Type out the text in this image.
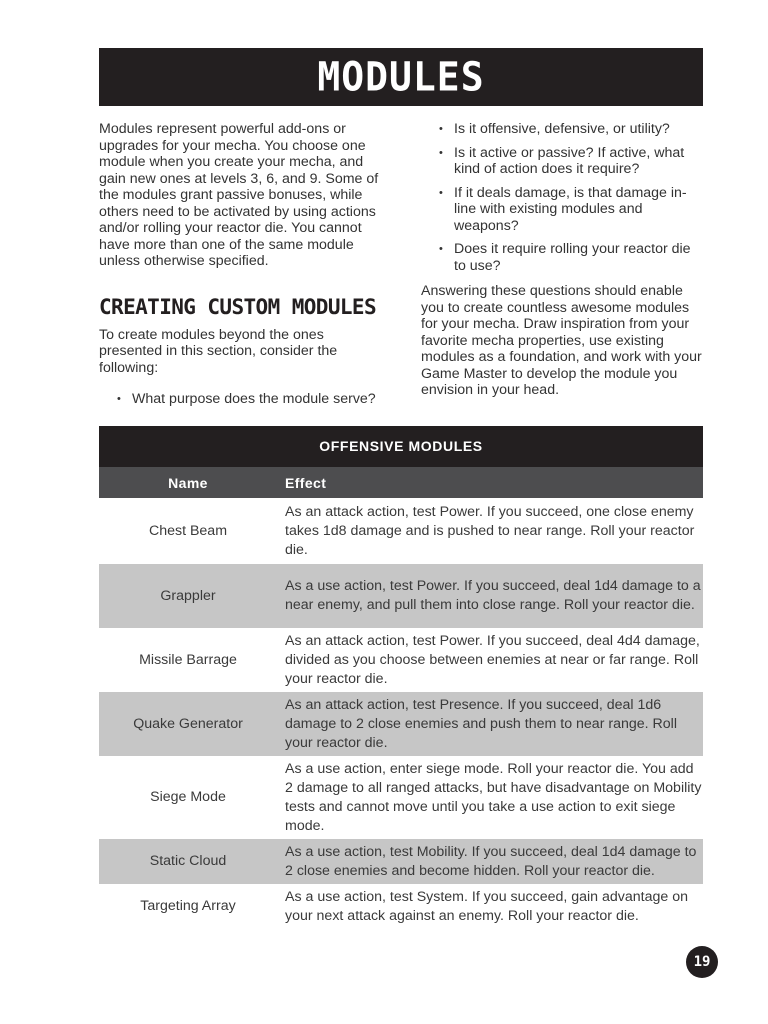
MODULES

Modules represent powerful add-ons or upgrades for your mecha. You choose one module when you create your mecha, and gain new ones at levels 3, 6, and 9. Some of the modules grant passive bonuses, while others need to be activated by using actions and/or rolling your reactor die. You cannot have more than one of the same module unless otherwise specified.

CREATING CUSTOM MODULES

To create modules beyond the ones presented in this section, consider the following:

• What purpose does the module serve?
• Is it offensive, defensive, or utility?
• Is it active or passive? If active, what kind of action does it require?
• If it deals damage, is that damage in-line with existing modules and weapons?
• Does it require rolling your reactor die to use?

Answering these questions should enable you to create countless awesome modules for your mecha. Draw inspiration from your favorite mecha properties, use existing modules as a foundation, and work with your Game Master to develop the module you envision in your head.

OFFENSIVE MODULES
Name	Effect
Chest Beam
As an attack action, test Power. If you succeed, one close enemy takes 1d8 damage and is pushed to near range. Roll your reactor die.
Grappler
As a use action, test Power. If you succeed, deal 1d4 damage to a near enemy, and pull them into close range. Roll your reactor die.
Missile Barrage
As an attack action, test Power. If you succeed, deal 4d4 damage, divided as you choose between enemies at near or far range. Roll your reactor die.
Quake Generator
As an attack action, test Presence. If you succeed, deal 1d6 damage to 2 close enemies and push them to near range. Roll your reactor die.
Siege Mode
As a use action, enter siege mode. Roll your reactor die. You add 2 damage to all ranged attacks, but have disadvantage on Mobility tests and cannot move until you take a use action to exit siege mode.
Static Cloud
As a use action, test Mobility. If you succeed, deal 1d4 damage to 2 close enemies and become hidden. Roll your reactor die.
Targeting Array
As a use action, test System. If you succeed, gain advantage on your next attack against an enemy. Roll your reactor die.
19
